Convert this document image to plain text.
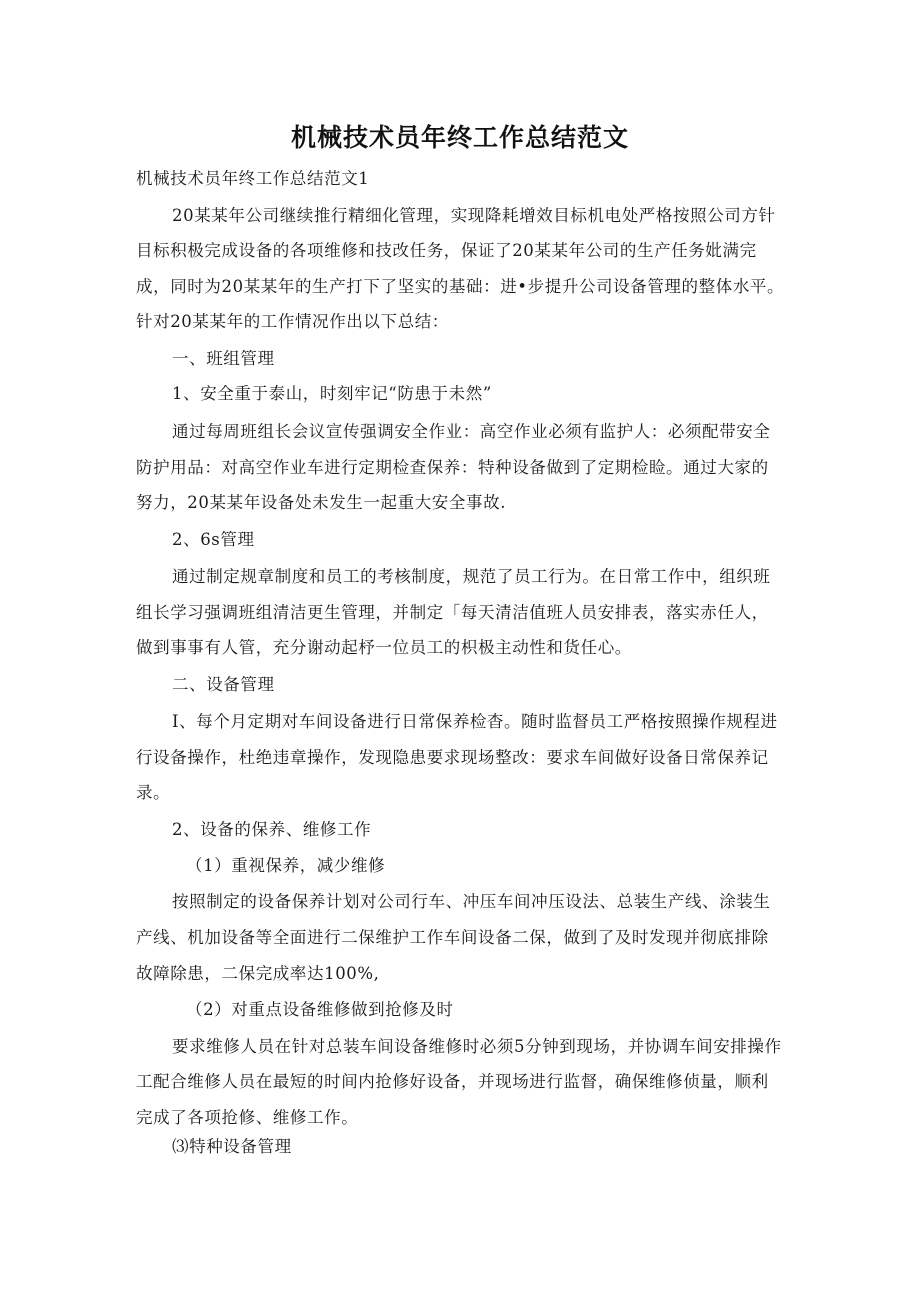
机械技术员年终工作总结范文
机械技术员年终工作总结范文1
20某某年公司继续推行精细化管理，实现降耗增效目标机电处严格按照公司方针
目标积极完成设备的各项维修和技改任务，保证了20某某年公司的生产任务妣满完
成，同时为20某某年的生产打下了坚实的基础：进•步提升公司设备管理的整体水平。
针对20某某年的工作情况作出以下总结：
一、班组管理
1、安全重于泰山，时刻牢记“防患于未然”
通过每周班组长会议宣传强调安全作业：高空作业必须有监护人：必须配带安全
防护用品：对高空作业车进行定期检查保养：特种设备做到了定期检睑。通过大家的
努力，20某某年设备处未发生一起重大安全事故.
2、6s管理
通过制定规章制度和员工的考核制度，规范了员工行为。在日常工作中，组织班
组长学习强调班组清洁更生管理，并制定「每天清洁值班人员安排表，落实赤任人，
做到事事有人管，充分谢动起杼一位员工的枳极主动性和货任心。
二、设备管理
I、每个月定期对车间设备进行日常保养检杳。随时监督员工严格按照操作规程进
行设备操作，杜绝违章操作，发现隐患要求现场整改：要求车间做好设备日常保养记
录。
2、设备的保养、维修工作
（1）重视保养，减少维修
按照制定的设备保养计划对公司行车、冲压车间冲压设法、总装生产线、涂装生
产线、机加设备等全面进行二保维护工作车间设备二保，做到了及时发现并彻底排除
故障除患，二保完成率达100%,
（2）对重点设备维修做到抢修及时
要求维修人员在针对总装车间设备维修时必须5分钟到现场，并协调车间安排操作
工配合维修人员在最短的时间内抢修好设备，并现场进行监督，确保维修侦量，顺利
完成了各项抢修、维修工作。
⑶特种设备管理
